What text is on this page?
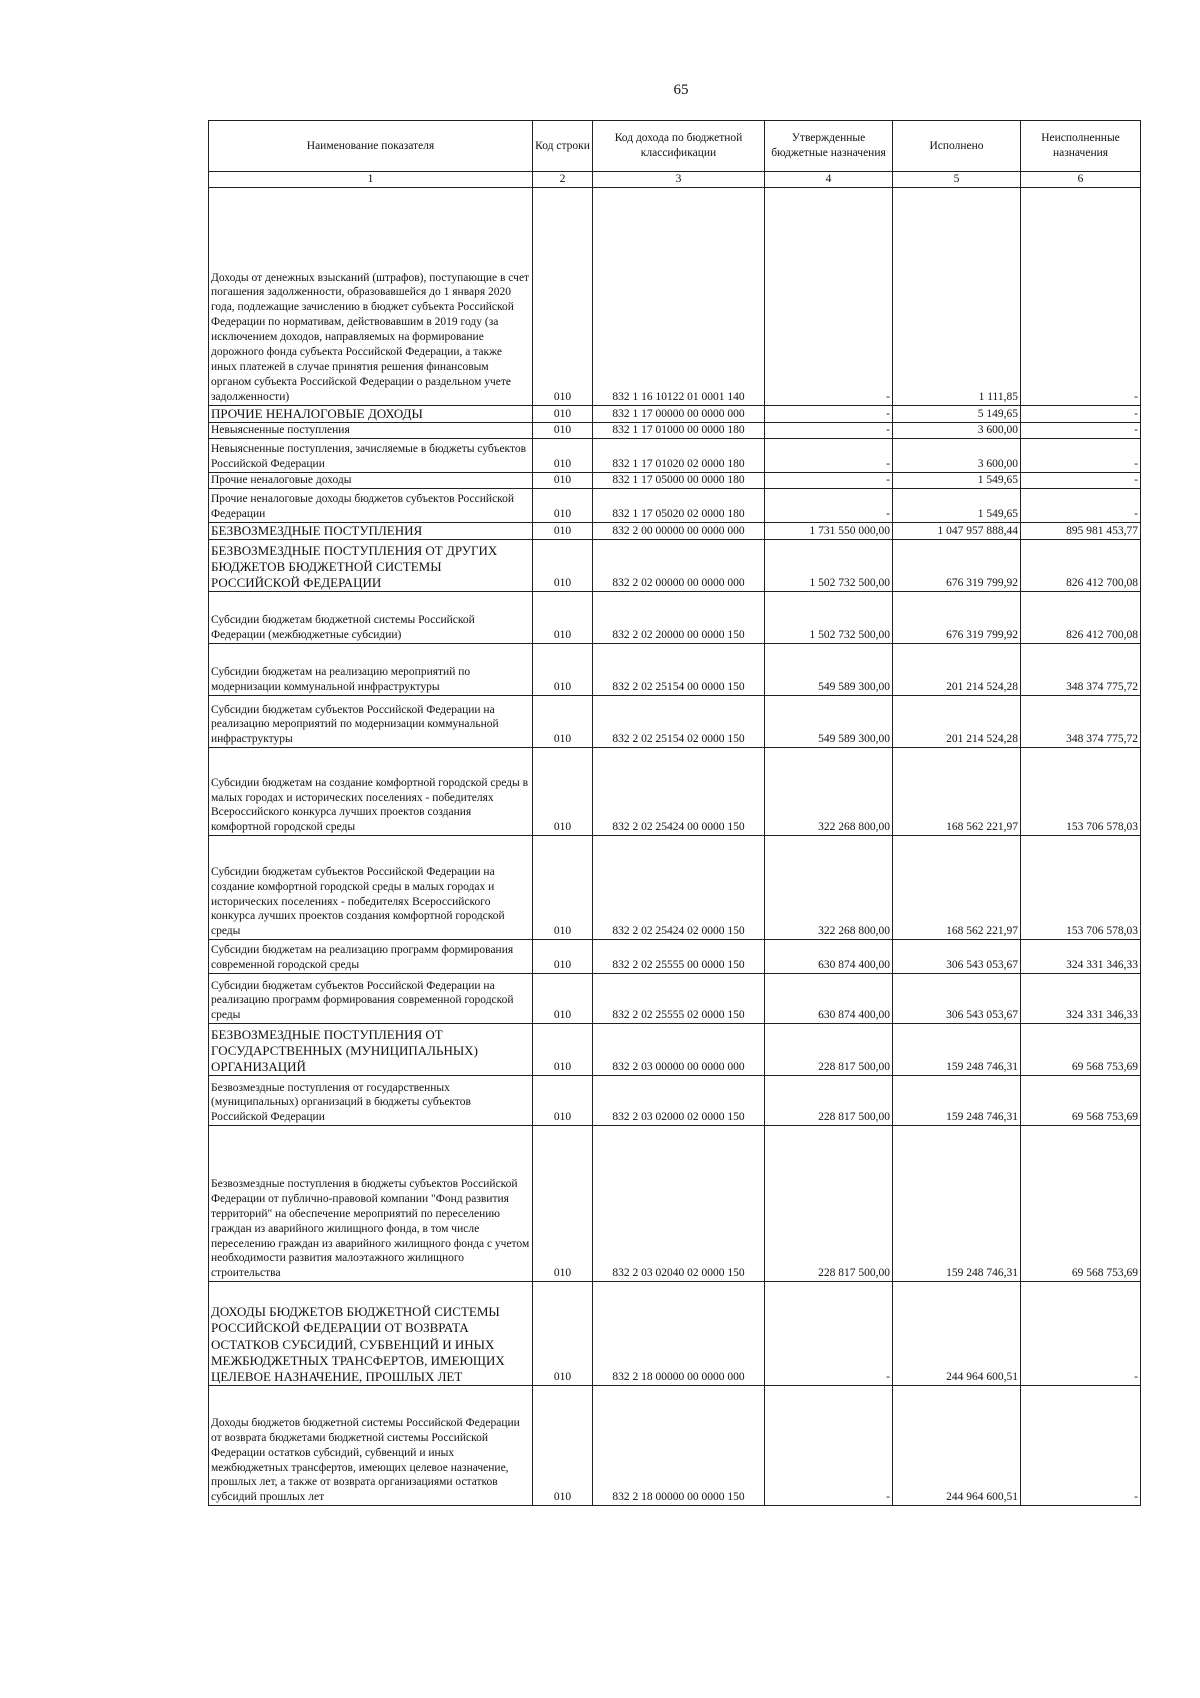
65
Наименование показателя	Код строки	Код дохода по бюджетной классификации	Утвержденные бюджетные назначения	Исполнено	Неисполненные назначения
1	2	3	4	5	6
Доходы от денежных взысканий (штрафов), поступающие в счет погашения задолженности, образовавшейся до 1 января 2020 года, подлежащие зачислению в бюджет субъекта Российской Федерации по нормативам, действовавшим в 2019 году (за исключением доходов, направляемых на формирование дорожного фонда субъекта Российской Федерации, а также иных платежей в случае принятия решения финансовым органом субъекта Российской Федерации о раздельном учете задолженности)	010	832 1 16 10122 01 0001 140	-	1 111,85	-
ПРОЧИЕ НЕНАЛОГОВЫЕ ДОХОДЫ	010	832 1 17 00000 00 0000 000	-	5 149,65	-
Невыясненные поступления	010	832 1 17 01000 00 0000 180	-	3 600,00	-
Невыясненные поступления, зачисляемые в бюджеты субъектов Российской Федерации	010	832 1 17 01020 02 0000 180	-	3 600,00	-
Прочие неналоговые доходы	010	832 1 17 05000 00 0000 180	-	1 549,65	-
Прочие неналоговые доходы бюджетов субъектов Российской Федерации	010	832 1 17 05020 02 0000 180	-	1 549,65	-
БЕЗВОЗМЕЗДНЫЕ ПОСТУПЛЕНИЯ	010	832 2 00 00000 00 0000 000	1 731 550 000,00	1 047 957 888,44	895 981 453,77
БЕЗВОЗМЕЗДНЫЕ ПОСТУПЛЕНИЯ ОТ ДРУГИХ БЮДЖЕТОВ БЮДЖЕТНОЙ СИСТЕМЫ РОССИЙСКОЙ ФЕДЕРАЦИИ	010	832 2 02 00000 00 0000 000	1 502 732 500,00	676 319 799,92	826 412 700,08
Субсидии бюджетам бюджетной системы Российской Федерации (межбюджетные субсидии)	010	832 2 02 20000 00 0000 150	1 502 732 500,00	676 319 799,92	826 412 700,08
Субсидии бюджетам на реализацию мероприятий по модернизации коммунальной инфраструктуры	010	832 2 02 25154 00 0000 150	549 589 300,00	201 214 524,28	348 374 775,72
Субсидии бюджетам субъектов Российской Федерации на реализацию мероприятий по модернизации коммунальной инфраструктуры	010	832 2 02 25154 02 0000 150	549 589 300,00	201 214 524,28	348 374 775,72
Субсидии бюджетам на создание комфортной городской среды в малых городах и исторических поселениях - победителях Всероссийского конкурса лучших проектов создания комфортной городской среды	010	832 2 02 25424 00 0000 150	322 268 800,00	168 562 221,97	153 706 578,03
Субсидии бюджетам субъектов Российской Федерации на создание комфортной городской среды в малых городах и исторических поселениях - победителях Всероссийского конкурса лучших проектов создания комфортной городской среды	010	832 2 02 25424 02 0000 150	322 268 800,00	168 562 221,97	153 706 578,03
Субсидии бюджетам на реализацию программ формирования современной городской среды	010	832 2 02 25555 00 0000 150	630 874 400,00	306 543 053,67	324 331 346,33
Субсидии бюджетам субъектов Российской Федерации на реализацию программ формирования современной городской среды	010	832 2 02 25555 02 0000 150	630 874 400,00	306 543 053,67	324 331 346,33
БЕЗВОЗМЕЗДНЫЕ ПОСТУПЛЕНИЯ ОТ ГОСУДАРСТВЕННЫХ (МУНИЦИПАЛЬНЫХ) ОРГАНИЗАЦИЙ	010	832 2 03 00000 00 0000 000	228 817 500,00	159 248 746,31	69 568 753,69
Безвозмездные поступления от государственных (муниципальных) организаций в бюджеты субъектов Российской Федерации	010	832 2 03 02000 02 0000 150	228 817 500,00	159 248 746,31	69 568 753,69
Безвозмездные поступления в бюджеты субъектов Российской Федерации от публично-правовой компании "Фонд развития территорий" на обеспечение мероприятий по переселению граждан из аварийного жилищного фонда, в том числе переселению граждан из аварийного жилищного фонда с учетом необходимости развития малоэтажного жилищного строительства	010	832 2 03 02040 02 0000 150	228 817 500,00	159 248 746,31	69 568 753,69
ДОХОДЫ БЮДЖЕТОВ БЮДЖЕТНОЙ СИСТЕМЫ РОССИЙСКОЙ ФЕДЕРАЦИИ ОТ ВОЗВРАТА ОСТАТКОВ СУБСИДИЙ, СУБВЕНЦИЙ И ИНЫХ МЕЖБЮДЖЕТНЫХ ТРАНСФЕРТОВ, ИМЕЮЩИХ ЦЕЛЕВОЕ НАЗНАЧЕНИЕ, ПРОШЛЫХ ЛЕТ	010	832 2 18 00000 00 0000 000	-	244 964 600,51	-
Доходы бюджетов бюджетной системы Российской Федерации от возврата бюджетами бюджетной системы Российской Федерации остатков субсидий, субвенций и иных межбюджетных трансфертов, имеющих целевое назначение, прошлых лет, а также от возврата организациями остатков субсидий прошлых лет	010	832 2 18 00000 00 0000 150	-	244 964 600,51	-
